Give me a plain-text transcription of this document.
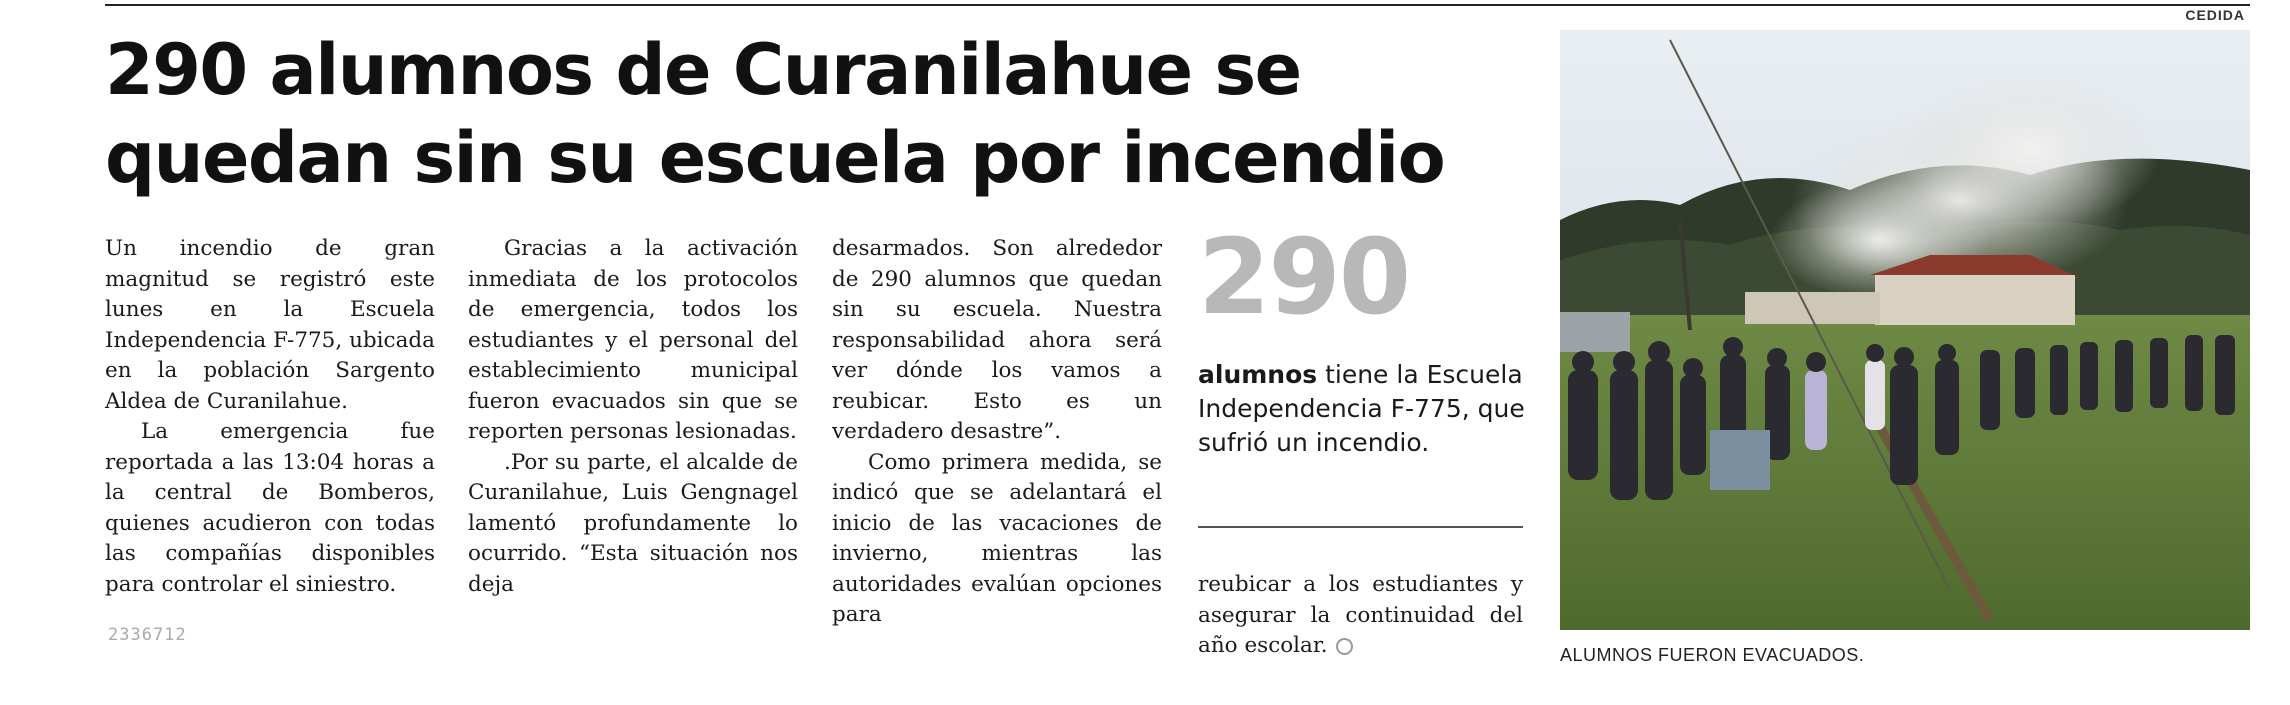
CEDIDA
290 alumnos de Curanilahue se quedan sin su escuela por incendio

Un incendio de gran magnitud se registró este lunes en la Escuela Independencia F-775, ubicada en la población Sargento Aldea de Curanilahue.

La emergencia fue reportada a las 13:04 horas a la central de Bomberos, quienes acudieron con todas las compañías disponibles para controlar el siniestro.

Gracias a la activación inmediata de los protocolos de emergencia, todos los estudiantes y el personal del establecimiento municipal fueron evacuados sin que se reporten personas lesionadas.

.Por su parte, el alcalde de Curanilahue, Luis Gengnagel lamentó profundamente lo ocurrido. “Esta situación nos deja

desarmados. Son alrededor de 290 alumnos que quedan sin su escuela. Nuestra responsabilidad ahora será ver dónde los vamos a reubicar. Esto es un verdadero desastre”.

Como primera medida, se indicó que se adelantará el inicio de las vacaciones de invierno, mientras las autoridades evalúan opciones para

290
alumnos tiene la Escuela Independencia F-775, que sufrió un incendio.

reubicar a los estudiantes y asegurar la continuidad del año escolar.

2336712
ALUMNOS FUERON EVACUADOS.
